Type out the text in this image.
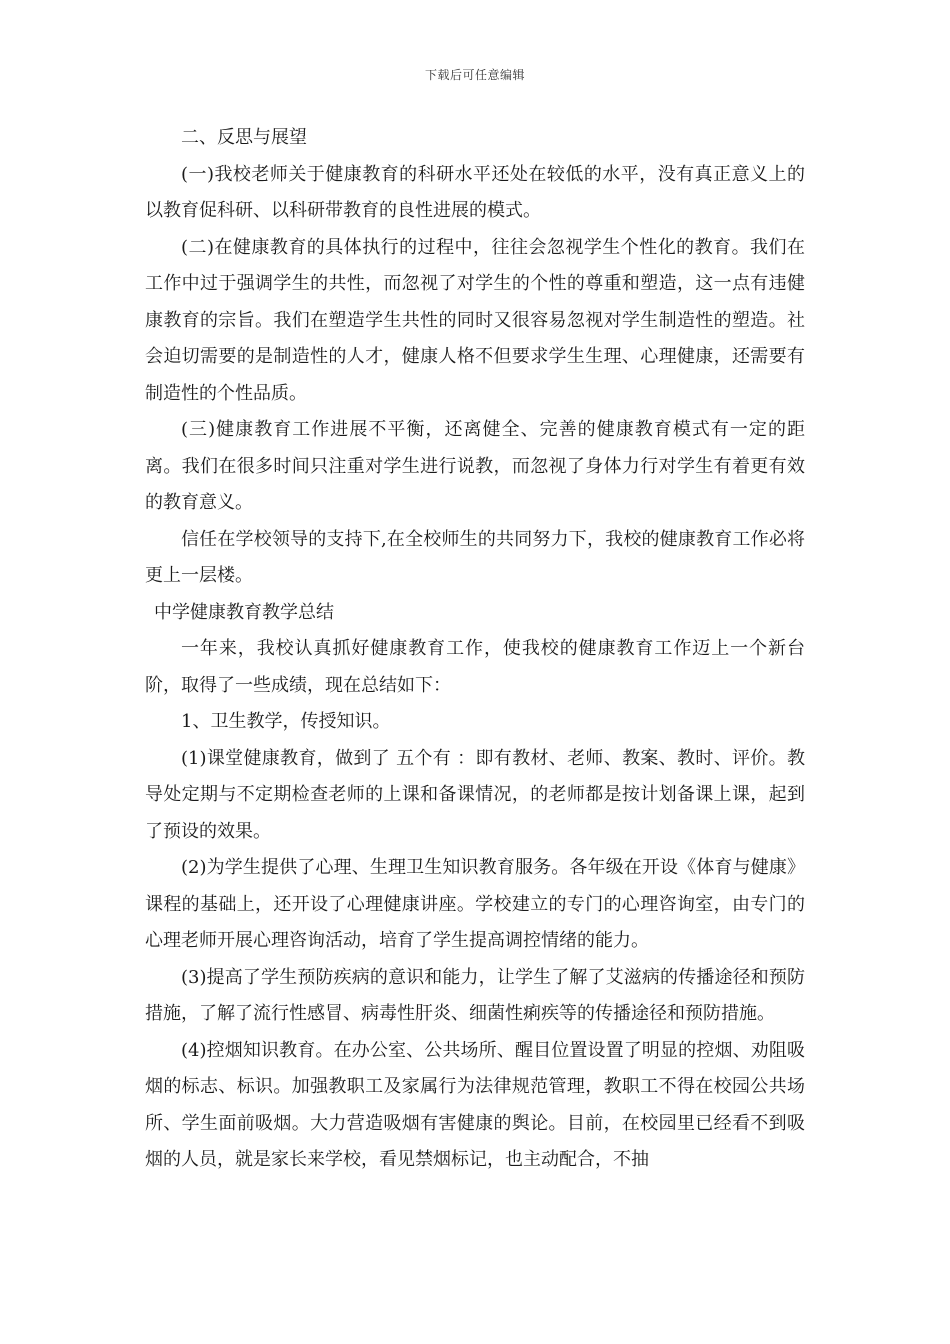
下载后可任意编辑

二、反思与展望

(一)我校老师关于健康教育的科研水平还处在较低的水平，没有真正意义上的以教育促科研、以科研带教育的良性进展的模式。

(二)在健康教育的具体执行的过程中，往往会忽视学生个性化的教育。我们在工作中过于强调学生的共性，而忽视了对学生的个性的尊重和塑造，这一点有违健康教育的宗旨。我们在塑造学生共性的同时又很容易忽视对学生制造性的塑造。社会迫切需要的是制造性的人才，健康人格不但要求学生生理、心理健康，还需要有制造性的个性品质。

(三)健康教育工作进展不平衡，还离健全、完善的健康教育模式有一定的距离。我们在很多时间只注重对学生进行说教，而忽视了身体力行对学生有着更有效的教育意义。

信任在学校领导的支持下,在全校师生的共同努力下，我校的健康教育工作必将更上一层楼。

中学健康教育教学总结

一年来，我校认真抓好健康教育工作，使我校的健康教育工作迈上一个新台阶，取得了一些成绩，现在总结如下：

1、卫生教学，传授知识。

(1)课堂健康教育，做到了 五个有 ：即有教材、老师、教案、教时、评价。教导处定期与不定期检查老师的上课和备课情况，的老师都是按计划备课上课，起到了预设的效果。

(2)为学生提供了心理、生理卫生知识教育服务。各年级在开设《体育与健康》课程的基础上，还开设了心理健康讲座。学校建立的专门的心理咨询室，由专门的心理老师开展心理咨询活动，培育了学生提高调控情绪的能力。

(3)提高了学生预防疾病的意识和能力，让学生了解了艾滋病的传播途径和预防措施，了解了流行性感冒、病毒性肝炎、细菌性痢疾等的传播途径和预防措施。

(4)控烟知识教育。在办公室、公共场所、醒目位置设置了明显的控烟、劝阻吸烟的标志、标识。加强教职工及家属行为法律规范管理，教职工不得在校园公共场所、学生面前吸烟。大力营造吸烟有害健康的舆论。目前，在校园里已经看不到吸烟的人员，就是家长来学校，看见禁烟标记，也主动配合，不抽
